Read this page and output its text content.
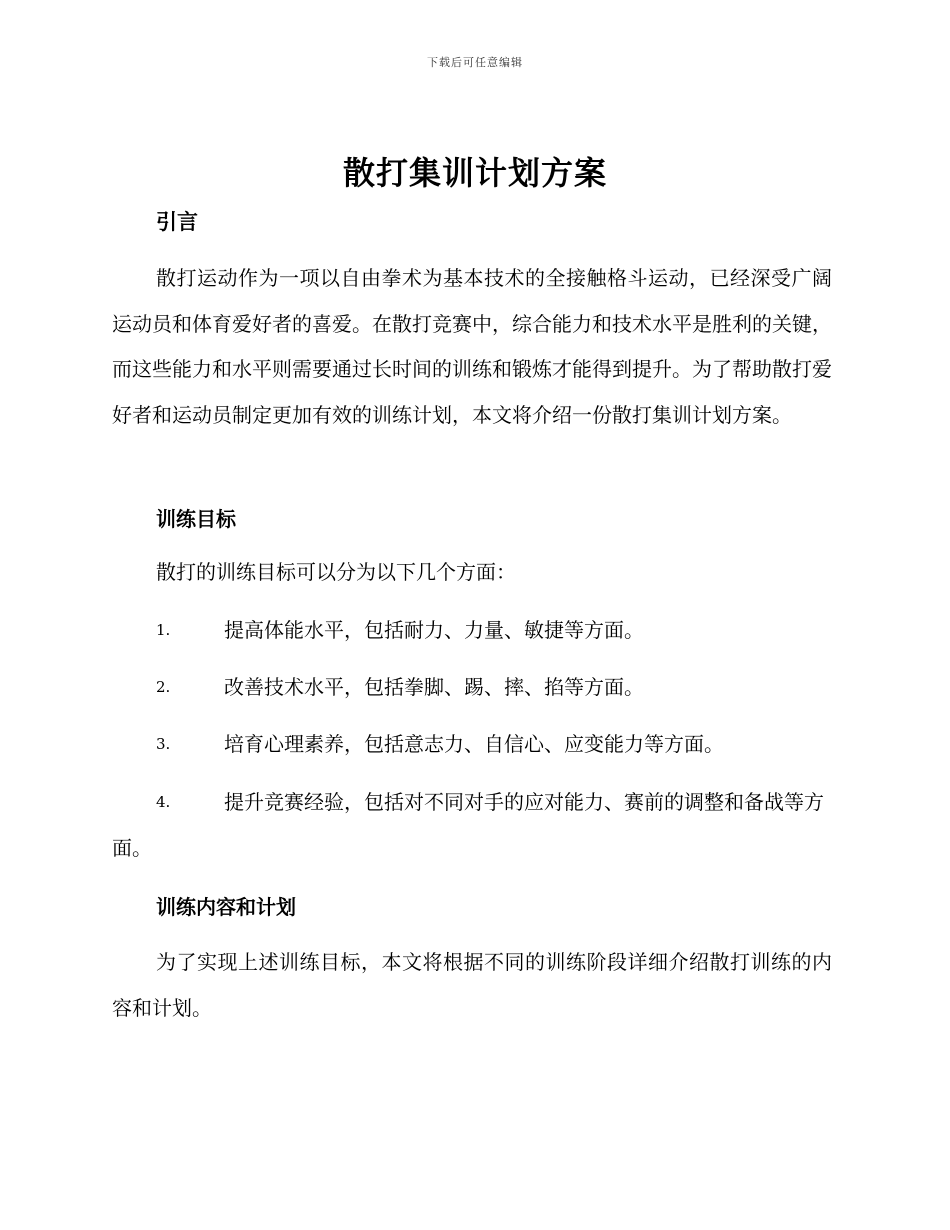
下载后可任意编辑
散打集训计划方案
引言
散打运动作为一项以自由拳术为基本技术的全接触格斗运动，已经深受广阔运动员和体育爱好者的喜爱。在散打竞赛中，综合能力和技术水平是胜利的关键，而这些能力和水平则需要通过长时间的训练和锻炼才能得到提升。为了帮助散打爱好者和运动员制定更加有效的训练计划，本文将介绍一份散打集训计划方案。
训练目标
散打的训练目标可以分为以下几个方面：
1.	提高体能水平，包括耐力、力量、敏捷等方面。
2.	改善技术水平，包括拳脚、踢、摔、掐等方面。
3.	培育心理素养，包括意志力、自信心、应变能力等方面。
4.	提升竞赛经验，包括对不同对手的应对能力、赛前的调整和备战等方面。
训练内容和计划
为了实现上述训练目标，本文将根据不同的训练阶段详细介绍散打训练的内容和计划。
